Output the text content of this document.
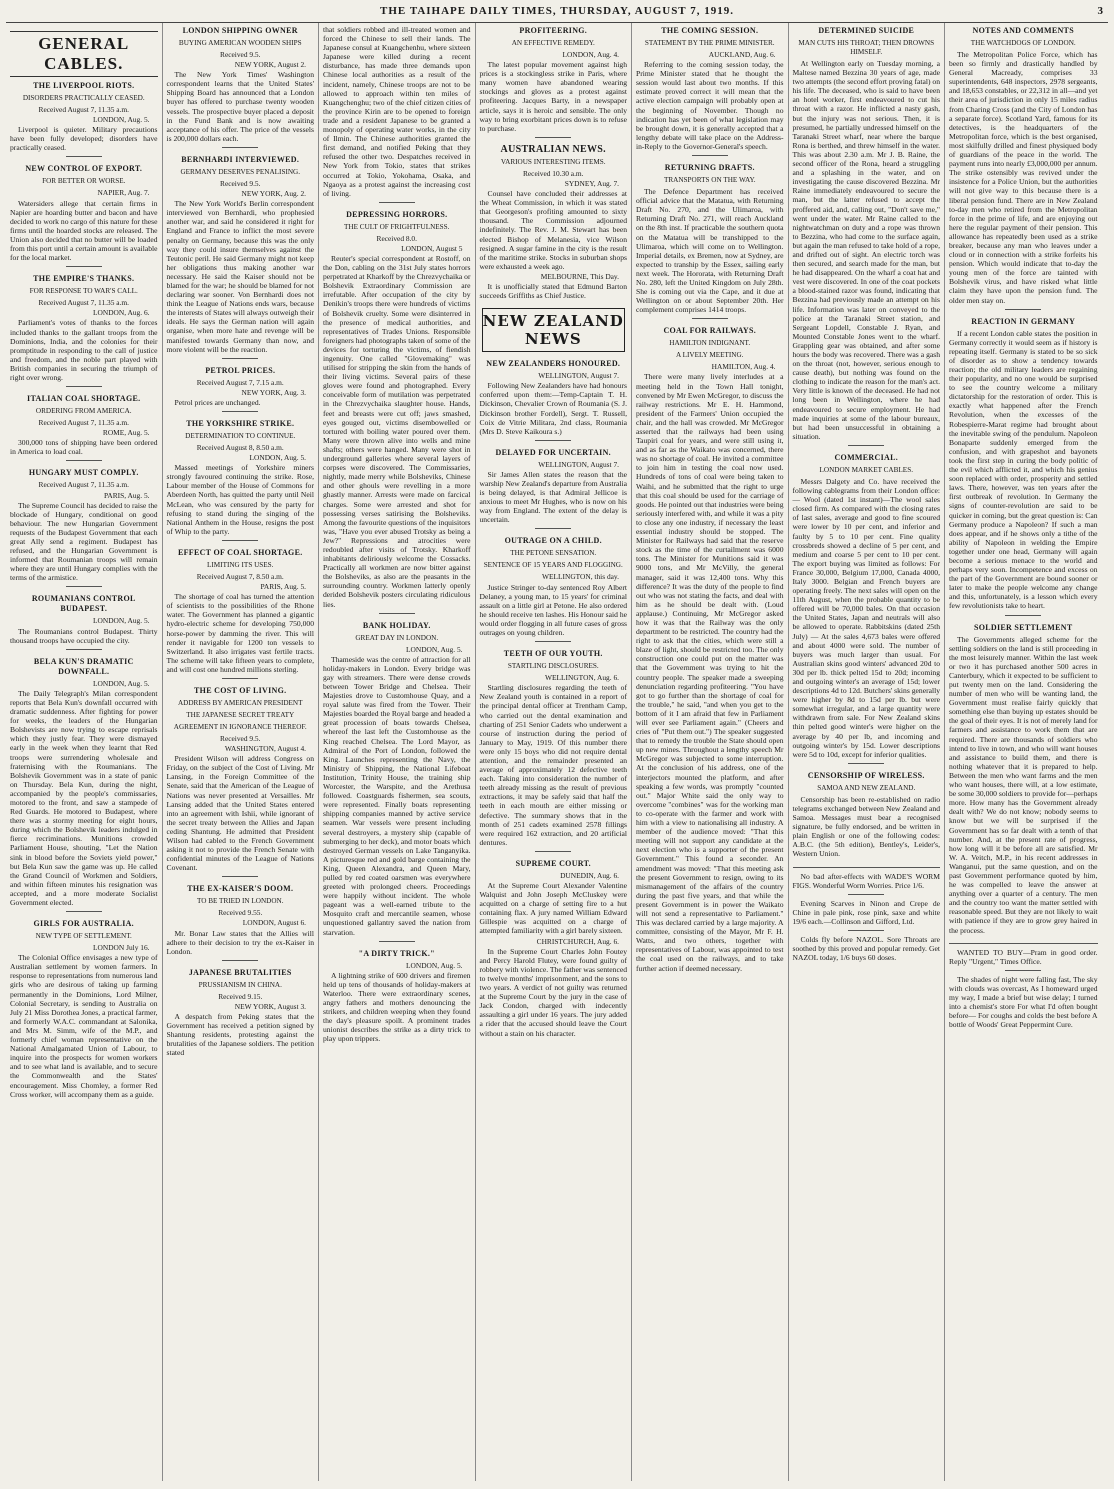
THE TAIHAPE DAILY TIMES, THURSDAY, AUGUST 7, 1919.	3
GENERAL CABLES.
THE LIVERPOOL RIOTS.
DISORDERS PRACTICALLY CEASED.
Received August 7, 11.35 a.m.
LONDON, Aug. 5.

Liverpool is quieter. Military precautions have been fully developed; disorders have practically ceased.

NEW CONTROL OF EXPORT.
FOR BETTER OR WORSE.
NAPIER, Aug. 7.

Watersiders allege that certain firms in Napier are hoarding butter and bacon and have decided to work no cargo of this nature for these firms until the hoarded stocks are released. The Union also decided that no butter will be loaded from this port until a certain amount is available for the local market.

THE EMPIRE'S THANKS.
FOR RESPONSE TO WAR'S CALL.
Received August 7, 11.35 a.m.
LONDON, Aug. 6.

Parliament's votes of thanks to the forces included thanks to the gallant troops from the Dominions, India, and the colonies for their promptitude in responding to the call of justice and freedom, and the noble part played with British companies in securing the triumph of right over wrong.

ITALIAN COAL SHORTAGE.
ORDERING FROM AMERICA.
Received August 7, 11.35 a.m.
ROME, Aug. 5.

300,000 tons of shipping have been ordered in America to load coal.

HUNGARY MUST COMPLY.
Received August 7, 11.35 a.m.
PARIS, Aug. 5.

The Supreme Council has decided to raise the blockade of Hungary, conditional on good behaviour. The new Hungarian Government requests of the Budapest Government that each great Ally send a regiment. Budapest has refused, and the Hungarian Government is informed that Roumanian troops will remain where they are until Hungary complies with the terms of the armistice.

ROUMANIANS CONTROL BUDAPEST.
LONDON, Aug. 5.

The Roumanians control Budapest. Thirty thousand troops have occupied the city.

BELA KUN'S DRAMATIC DOWNFALL.
LONDON, Aug. 5.

The Daily Telegraph's Milan correspondent reports that Bela Kun's downfall occurred with dramatic suddenness. After fighting for power for weeks, the leaders of the Hungarian Bolshevists are now trying to escape reprisals which they justly fear. They were dismayed early in the week when they learnt that Red troops were surrendering wholesale and fraternising with the Roumanians. The Bolshevik Government was in a state of panic on Thursday. Bela Kun, during the night, accompanied by the people's commissaries, motored to the front, and saw a stampede of Red Guards. He motored to Budapest, where there was a stormy meeting for eight hours, during which the Bolshevik leaders indulged in fierce recriminations. Munitions crowded Parliament House, shouting, "Let the Nation sink in blood before the Soviets yield power," but Bela Kun saw the game was up. He called the Grand Council of Workmen and Soldiers, and within fifteen minutes his resignation was accepted, and a more moderate Socialist Government elected.

GIRLS FOR AUSTRALIA.
NEW TYPE OF SETTLEMENT.
LONDON July 16.

The Colonial Office envisages a new type of Australian settlement by women farmers. In response to representations from numerous land girls who are desirous of taking up farming permanently in the Dominions, Lord Milner, Colonial Secretary, is sending to Australia on July 21 Miss Dorothea Jones, a practical farmer, and formerly W.A.C. commandant at Salonika, and Mrs M. Simm, wife of the M.P., and formerly chief woman representative on the National Amalgamated Union of Labour, to inquire into the prospects for women workers and to see what land is available, and to secure the Commonwealth and the States' encouragement. Miss Chomley, a former Red Cross worker, will accompany them as a guide.

LONDON SHIPPING OWNER
BUYING AMERICAN WOODEN SHIPS
Received 9.5.
NEW YORK, August 2.

The New York Times' Washington correspondent learns that the United States' Shipping Board has announced that a London buyer has offered to purchase twenty wooden vessels. The prospective buyer placed a deposit in the Fund Bank and is now awaiting acceptance of his offer. The price of the vessels is 200,000 dollars each.

BERNHARDI INTERVIEWED.
GERMANY DESERVES PENALISING.
Received 9.5.
NEW YORK, Aug. 2.

The New York World's Berlin correspondent interviewed von Bernhardi, who prophesied another war, and said he considered it right for England and France to inflict the most severe penalty on Germany, because this was the only way they could insure themselves against the Teutonic peril. He said Germany might not keep her obligations thus making another war necessary. He said the Kaiser should not be blamed for the war; he should be blamed for not declaring war sooner. Von Bernhardi does not think the League of Nations ends wars, because the interests of States will always outweigh their ideals. He says the German nation will again organise, when more hate and revenge will be manifested towards Germany than now, and more violent will be the reaction.

PETROL PRICES.
Received August 7, 7.15 a.m.
NEW YORK, Aug. 3.

Petrol prices are unchanged.

THE YORKSHIRE STRIKE.
DETERMINATION TO CONTINUE.
Received August 8, 8.50 a.m.
LONDON, Aug. 5.

Massed meetings of Yorkshire miners strongly favoured continuing the strike. Rose, Labour member of the House of Commons for Aberdeen North, has quitted the party until Neil McLean, who was censured by the party for refusing to stand during the singing of the National Anthem in the House, resigns the post of Whip to the party.

EFFECT OF COAL SHORTAGE.
LIMITING ITS USES.
Received August 7, 8.50 a.m.
PARIS, Aug. 5.

The shortage of coal has turned the attention of scientists to the possibilities of the Rhone water. The Government has planned a gigantic hydro-electric scheme for developing 750,000 horse-power by damming the river. This will render it navigable for 1200 ton vessels to Switzerland. It also irrigates vast fertile tracts. The scheme will take fifteen years to complete, and will cost one hundred millions sterling.

THE COST OF LIVING.
ADDRESS BY AMERICAN PRESIDENT
THE JAPANESE SECRET TREATY
AGREEMENT IN IGNORANCE THEREOF.
Received 9.5.
WASHINGTON, August 4.

President Wilson will address Congress on Friday, on the subject of the Cost of Living. Mr Lansing, in the Foreign Committee of the Senate, said that the American of the League of Nations was never presented at Versailles. Mr Lansing added that the United States entered into an agreement with Ishii, while ignorant of the secret treaty between the Allies and Japan ceding Shantung. He admitted that President Wilson had cabled to the French Government asking it not to provide the French Senate with confidential minutes of the League of Nations Covenant.

THE EX-KAISER'S DOOM.
TO BE TRIED IN LONDON.
Received 9.55.
LONDON, August 6.

Mr. Bonar Law states that the Allies will adhere to their decision to try the ex-Kaiser in London.

JAPANESE BRUTALITIES
PRUSSIANISM IN CHINA.
Received 9.15.
NEW YORK, August 3.

A despatch from Peking states that the Government has received a petition signed by Shantung residents, protesting against the brutalities of the Japanese soldiers. The petition stated

that soldiers robbed and ill-treated women and forced the Chinese to sell their lands. The Japanese consul at Kuangchenhu, where sixteen Japanese were killed during a recent disturbance, has made three demands upon Chinese local authorities as a result of the incident, namely, Chinese troops are not to be allowed to approach within ten miles of Kuangchenghu; two of the chief citizen cities of the province Kirin are to be opened to foreign trade and a resident Japanese to be granted a monopoly of operating water works, in the city of Ilmin. The Chinese authorities granted the first demand, and notified Peking that they refused the other two. Despatches received in New York from Tokio, states that strikes occurred at Tokio, Yokohama, Osaka, and Ngaoya as a protest against the increasing cost of living.

DEPRESSING HORRORS.
THE CULT OF FRIGHTFULNESS.
Received 8.0.
LONDON, August 5

Reuter's special correspondent at Rostoff, on the Don, cabling on the 31st July states horrors perpetrated at Kharkoff by the Chrezvychaika or Bolshevik Extraordinary Commission are irrefutable. After occupation of the city by Denikin's troops there were hundreds of victims of Bolshevik cruelty. Some were disinterred in the presence of medical authorities, and representatives of Trades Unions. Responsible foreigners had photographs taken of some of the devices for torturing the victims, of fiendish ingenuity. One called "Glovemaking" was utilised for stripping the skin from the hands of their living victims. Several pairs of these gloves were found and photographed. Every conceivable form of mutilation was perpetrated in the Chrezvychaika slaughter house. Hands, feet and breasts were cut off; jaws smashed, eyes gouged out, victims disembowelled or tortured with boiling water poured over them. Many were thrown alive into wells and mine shafts; others were hanged. Many were shot in underground galleries where several layers of corpses were discovered. The Commissaries, nightly, made merry while Bolsheviks, Chinese and other ghouls were revelling in a more ghastly manner. Arrests were made on farcical charges. Some were arrested and shot for possessing verses satirising the Bolsheviks. Among the favourite questions of the inquisitors was, "Have you ever abused Trotsky as being a Jew?" Repressions and atrocities were redoubled after visits of Trotsky. Kharkoff inhabitants deliriously welcome the Cossacks. Practically all workmen are now bitter against the Bolsheviks, as also are the peasants in the surrounding country. Workmen latterly openly derided Bolshevik posters circulating ridiculous lies.

BANK HOLIDAY.
GREAT DAY IN LONDON.
LONDON, Aug. 5.

Thameside was the centre of attraction for all holiday-makers in London. Every bridge was gay with streamers. There were dense crowds between Tower Bridge and Chelsea. Their Majesties drove to Customhouse Quay, and a royal salute was fired from the Tower. Their Majesties boarded the Royal barge and headed a great procession of boats towards Chelsea, whereof the last left the Customhouse as the King reached Chelsea. The Lord Mayor, as Admiral of the Port of London, followed the King. Launches representing the Navy, the Ministry of Shipping, the National Lifeboat Institution, Trinity House, the training ship Worcester, the Warspite, and the Arethusa followed. Coastguards fishermen, sea scouts, were represented. Finally boats representing shipping companies manned by active service seamen. War vessels were present including several destroyers, a mystery ship (capable of submerging to her deck), and motor boats which destroyed German vessels on Lake Tanganyika. A picturesque red and gold barge containing the King, Queen Alexandra, and Queen Mary, pulled by red coated oarsmen was everywhere greeted with prolonged cheers. Proceedings were happily without incident. The whole pageant was a well-earned tribute to the Mosquito craft and mercantile seamen, whose unquestioned gallantry saved the nation from starvation.

"A DIRTY TRICK."
LONDON, Aug. 5.

A lightning strike of 600 drivers and firemen held up tens of thousands of holiday-makers at Waterloo. There were extraordinary scenes, angry fathers and mothers denouncing the strikers, and children weeping when they found the day's pleasure spoilt. A prominent trades unionist describes the strike as a dirty trick to play upon trippers.

PROFITEERING.
AN EFFECTIVE REMEDY.
LONDON, Aug. 4.

The latest popular movement against high prices is a stockingless strike in Paris, where many women have abandoned wearing stockings and gloves as a protest against profiteering. Jacques Barty, in a newspaper article, says it is heroic and sensible. The only way to bring exorbitant prices down is to refuse to purchase.

AUSTRALIAN NEWS.
VARIOUS INTERESTING ITEMS.
Received 10.30 a.m.
SYDNEY, Aug. 7.

Counsel have concluded their addresses at the Wheat Commission, in which it was stated that Georgeson's profiting amounted to sixty thousand. The Commission adjourned indefinitely. The Rev. J. M. Stewart has been elected Bishop of Melanesia, vice Wilson resigned. A sugar famine in the city is the result of the maritime strike. Stocks in suburban shops were exhausted a week ago.

MELBOURNE, This Day.

It is unofficially stated that Edmund Barton succeeds Griffiths as Chief Justice.

NEW ZEALAND NEWS
NEW ZEALANDERS HONOURED.
WELLINGTON, August 7.

Following New Zealanders have had honours conferred upon them:—Temp-Captain T. H. Dickinson, Chevalier Crown of Roumania (S. J. Dickinson brother Fordell), Sergt. T. Russell, Coix de Vitrie Militara, 2nd class, Roumania (Mrs D. Steve Kaikoura s.)

DELAYED FOR UNCERTAIN.
WELLINGTON, August 7.

Sir James Allen states the reason that the warship New Zealand's departure from Australia is being delayed, is that Admiral Jellicoe is anxious to meet Mr Hughes, who is now on his way from England. The extent of the delay is uncertain.

OUTRAGE ON A CHILD.
THE PETONE SENSATION.
SENTENCE OF 15 YEARS AND FLOGGING.
WELLINGTON, this day.

Justice Stringer to-day sentenced Roy Albert Delaney, a young man, to 15 years' for criminal assault on a little girl at Petone. He also ordered he should receive ten lashes. His Honour said he would order flogging in all future cases of gross outrages on young children.

TEETH OF OUR YOUTH.
STARTLING DISCLOSURES.
WELLINGTON, Aug. 6.

Startling disclosures regarding the teeth of New Zealand youth is contained in a report of the principal dental officer at Trentham Camp, who carried out the dental examination and charting of 251 Senior Cadets who underwent a course of instruction during the period of January to May, 1919. Of this number there were only 15 boys who did not require dental attention, and the remainder presented an average of approximately 12 defective teeth each. Taking into consideration the number of teeth already missing as the result of previous extractions, it may be safely said that half the teeth in each mouth are either missing or defective. The summary shows that in the month of 251 cadets examined 2578 fillings were required 162 extraction, and 20 artificial dentures.

SUPREME COURT.
DUNEDIN, Aug. 6.

At the Supreme Court Alexander Valentine Walquist and John Joseph McCluskey were acquitted on a charge of setting fire to a hut containing flax. A jury named William Edward Gillespie was acquitted on a charge of attempted familiarity with a girl barely sixteen.

CHRISTCHURCH, Aug. 6.

In the Supreme Court Charles John Foutey and Percy Harold Flutey, were found guilty of robbery with violence. The father was sentenced to twelve months' imprisonment, and the sons to two years. A verdict of not guilty was returned at the Supreme Court by the jury in the case of Jack Condon, charged with indecently assaulting a girl under 16 years. The jury added a rider that the accused should leave the Court without a stain on his character.

THE COMING SESSION.
STATEMENT BY THE PRIME MINISTER.
AUCKLAND, Aug. 6.

Referring to the coming session today, the Prime Minister stated that he thought the session would last about two months. If this estimate proved correct it will mean that the active election campaign will probably open at the beginning of November. Though no indication has yet been of what legislation may be brought down, it is generally accepted that a lengthy debate will take place on the Address-in-Reply to the Governor-General's speech.

RETURNING DRAFTS.
TRANSPORTS ON THE WAY.

The Defence Department has received official advice that the Matatua, with Returning Draft No. 270, and the Ulimaroa, with Returning Draft No. 271, will reach Auckland on the 8th inst. If practicable the southern quota on the Matatua will be transhipped to the Ulimaroa, which will come on to Wellington. Imperial details, ex Bremen, now at Sydney, are expected to tranship by the Essex, sailing early next week. The Hororata, with Returning Draft No. 280, left the United Kingdom on July 28th. She is coming out via the Cape, and it due at Wellington on or about September 20th. Her complement comprises 1414 troops.

COAL FOR RAILWAYS.
HAMILTON INDIGNANT.
A LIVELY MEETING.
HAMILTON, Aug. 4.

There were many lively interludes at a meeting held in the Town Hall tonight, convened by Mr Ewen McGregor, to discuss the railway restrictions. Mr E. H. Hammond, president of the Farmers' Union occupied the chair, and the hall was crowded. Mr McGregor asserted that the railways had been using Taupiri coal for years, and were still using it, and as far as the Waikato was concerned, there was no shortage of coal. He invited a committee to join him in testing the coal now used. Hundreds of tons of coal were being taken to Waihi, and he submitted that the right to urge that this coal should be used for the carriage of goods. He pointed out that industries were being seriously interfered with, and while it was a pity to close any one industry, if necessary the least essential industry should be stopped. The Minister for Railways had said that the reserve stock as the time of the curtailment was 6000 tons. The Minister for Munitions said it was 9000 tons, and Mr McVilly, the general manager, said it was 12,400 tons. Why this difference? It was the duty of the people to find out who was not stating the facts, and deal with him as he should be dealt with. (Loud applause.) Continuing, Mr McGregor asked how it was that the Railway was the only department to be restricted. The country had the right to ask that the cities, which were still a blaze of light, should be restricted too. The only construction one could put on the matter was that the Government was trying to hit the country people. The speaker made a sweeping denunciation regarding profiteering. "You have got to go further than the shortage of coal for the trouble," he said, "and when you get to the bottom of it I am afraid that few in Parliament will ever see Parliament again." (Cheers and cries of "Put them out.") The speaker suggested that to remedy the trouble the State should open up new mines. Throughout a lengthy speech Mr McGregor was subjected to some interruption. At the conclusion of his address, one of the interjectors mounted the platform, and after speaking a few words, was promptly "counted out." Major White said the only way to overcome "combines" was for the working man to co-operate with the farmer and work with him with a view to nationalising all industry. A member of the audience moved: "That this meeting will not support any candidate at the next election who is a supporter of the present Government." This found a seconder. An amendment was moved: "That this meeting ask the present Government to resign, owing to its mismanagement of the affairs of the country during the past five years, and that while the present Government is in power the Waikato will not send a representative to Parliament." This was declared carried by a large majority. A committee, consisting of the Mayor, Mr F. H. Watts, and two others, together with representatives of Labour, was appointed to test the coal used on the railways, and to take further action if deemed necessary.

DETERMINED SUICIDE
MAN CUTS HIS THROAT; THEN DROWNS HIMSELF.

At Wellington early on Tuesday morning, a Maltese named Bezzina 30 years of age, made two attempts (the second effort proving fatal) on his life. The deceased, who is said to have been an hotel worker, first endeavoured to cut his throat with a razor. He inflicted a nasty gash, but the injury was not serious. Then, it is presumed, he partially undressed himself on the Taranaki Street wharf, near where the barque Rona is berthed, and threw himself in the water. This was about 2.30 a.m. Mr J. B. Raine, the second officer of the Rona, heard a struggling and a splashing in the water, and on investigating the cause discovered Bezzina. Mr Raine immediately endeavoured to secure the man, but the latter refused to accept the proffered aid, and, calling out, "Don't save me," went under the water. Mr Raine called to the nightwatchman on duty and a rope was thrown to Bezzina, who had come to the surface again, but again the man refused to take hold of a rope, and drifted out of sight. An electric torch was then secured, and search made for the man, but he had disappeared. On the wharf a coat hat and vest were discovered. In one of the coat pockets a blood-stained razor was found, indicating that Bezzina had previously made an attempt on his life. Information was later on conveyed to the police at the Taranaki Street station, and Sergeant Lopdell, Constable J. Ryan, and Mounted Constable Jones went to the wharf. Grappling gear was obtained, and after some hours the body was recovered. There was a gash on the throat (not, however, serious enough to cause death), but nothing was found on the clothing to indicate the reason for the man's act. Very little is known of the deceased. He had not long been in Wellington, where he had endeavoured to secure employment. He had made inquiries at some of the labour bureaux, but had been unsuccessful in obtaining a situation.

COMMERCIAL.
LONDON MARKET CABLES.

Messrs Dalgety and Co. have received the following cablegrams from their London office:— Wool (dated 1st instant)—The wool sales closed firm. As compared with the closing rates of last sales, average and good to fine scoured were lower by 10 per cent, and inferior and faulty by 5 to 10 per cent. Fine quality crossbreds showed a decline of 5 per cent, and medium and coarse 5 per cent to 10 per cent. The export buying was limited as follows: For France 30,000, Belgium 17,000, Canada 4000, Italy 3000. Belgian and French buyers are operating freely. The next sales will open on the 11th August, when the probable quantity to be offered will be 70,000 bales. On that occasion the United States, Japan and neutrals will also be allowed to operate. Rabbitskins (dated 25th July) — At the sales 4,673 bales were offered and about 4000 were sold. The number of buyers was much larger than usual. For Australian skins good winters' advanced 20d to 30d per lb. thick pelted 15d to 20d; incoming and outgoing winter's an average of 15d; lower descriptions 4d to 12d. Butchers' skins generally were higher by 8d to 15d per lb. but were somewhat irregular, and a large quantity were withdrawn from sale. For New Zealand skins thin pelted good winter's were higher on the average by 40 per lb, and incoming and outgoing winter's by 15d. Lower descriptions were 5d to 10d, except for inferior qualities.

CENSORSHIP OF WIRELESS.
SAMOA AND NEW ZEALAND.

Censorship has been re-established on radio telegrams exchanged between New Zealand and Samoa. Messages must bear a recognised signature, be fully endorsed, and be written in plain English or one of the following codes: A.B.C. (the 5th edition), Bentley's, Leider's, Western Union.

No bad after-effects with WADE'S WORM FIGS. Wonderful Worm Worries. Price 1/6.

Evening Scarves in Ninon and Crepe de Chine in pale pink, rose pink, saxe and white 19/6 each.—Collinson and Gifford, Ltd.

Colds fly before NAZOL. Sore Throats are soothed by this proved and popular remedy. Get NAZOL today, 1/6 buys 60 doses.

NOTES AND COMMENTS
THE WATCHDOGS OF LONDON.

The Metropolitan Police Force, which has been so firmly and drastically handled by General Macready, comprises 33 superintendents, 648 inspectors, 2978 sergeants, and 18,653 constables, or 22,312 in all—and yet their area of jurisdiction in only 15 miles radius from Charing Cross (and the City of London has a separate force). Scotland Yard, famous for its detectives, is the headquarters of the Metropolitan force, which is the best organised, most skilfully drilled and finest physiqued body of guardians of the peace in the world. The payment runs into nearly £3,000,000 per annum. The strike ostensibly was revived under the insistence for a Police Union, but the authorities will not give way to this because there is a liberal pension fund. There are in New Zealand to-day men who retired from the Metropolitan force in the prime of life, and are enjoying out here the regular payment of their pension. This allowance has repeatedly been used as a strike breaker, because any man who leaves under a cloud or in connection with a strike forfeits his pension. Which would indicate that to-day the young men of the force are tainted with Bolshevik virus, and have risked what little claim they have upon the pension fund. The older men stay on.

REACTION IN GERMANY

If a recent London cable states the position in Germany correctly it would seem as if history is repeating itself. Germany is stated to be so sick of disorder as to show a tendency towards reaction; the old military leaders are regaining their popularity, and no one would be surprised to see the country welcome a military dictatorship for the restoration of order. This is exactly what happened after the French Revolution, when the excesses of the Robespierre-Marat regime had brought about the inevitable swing of the pendulum. Napoleon Bonaparte suddenly emerged from the confusion, and with grapeshot and bayonets took the first step in curing the body politic of the evil which afflicted it, and which his genius soon replaced with order, prosperity and settled laws. There, however, was ten years after the first outbreak of revolution. In Germany the signs of counter-revolution are said to be quicker in coming, but the great question is: Can Germany produce a Napoleon? If such a man does appear, and if he shows only a tithe of the ability of Napoleon in welding the Empire together under one head, Germany will again become a serious menace to the world and perhaps very soon. Incompetence and excess on the part of the Government are bound sooner or later to make the people welcome any change and this, unfortunately, is a lesson which every few revolutionists take to heart.

SOLDIER SETTLEMENT

The Governments alleged scheme for the settling soldiers on the land is still proceeding in the most leisurely manner. Within the last week or two it has purchased another 500 acres in Canterbury, which it expected to be sufficient to put twenty men on the land. Considering the number of men who will be wanting land, the Government must realise fairly quickly that something else than buying up estates should be the goal of their eyes. It is not of merely land for farmers and assistance to work them that are required. There are thousands of soldiers who intend to live in town, and who will want houses and assistance to build them, and there is nothing whatever that it is prepared to help. Between the men who want farms and the men who want houses, there will, at a low estimate, be some 30,000 soldiers to provide for—perhaps more. How many has the Government already dealt with? We do not know; nobody seems to know but we will be surprised if the Government has so far dealt with a tenth of that number. And, at the present rate of progress, how long will it be before all are satisfied. Mr W. A. Veitch, M.P., in his recent addresses in Wanganui, put the same question, and on the past Government performance quoted by him, he was compelled to leave the answer at anything over a quarter of a century. The men and the country too want the matter settled with reasonable speed. But they are not likely to wait with patience if they are to grow grey haired in the process.

WANTED TO BUY—Pram in good order. Reply "Urgent," Times Office.

The shades of night were falling fast, The sky with clouds was overcast, As I homeward urged my way, I made a brief but wise delay; I turned into a chemist's store For what I'd often bought before— For coughs and colds the best before A bottle of Woods' Great Peppermint Cure.
